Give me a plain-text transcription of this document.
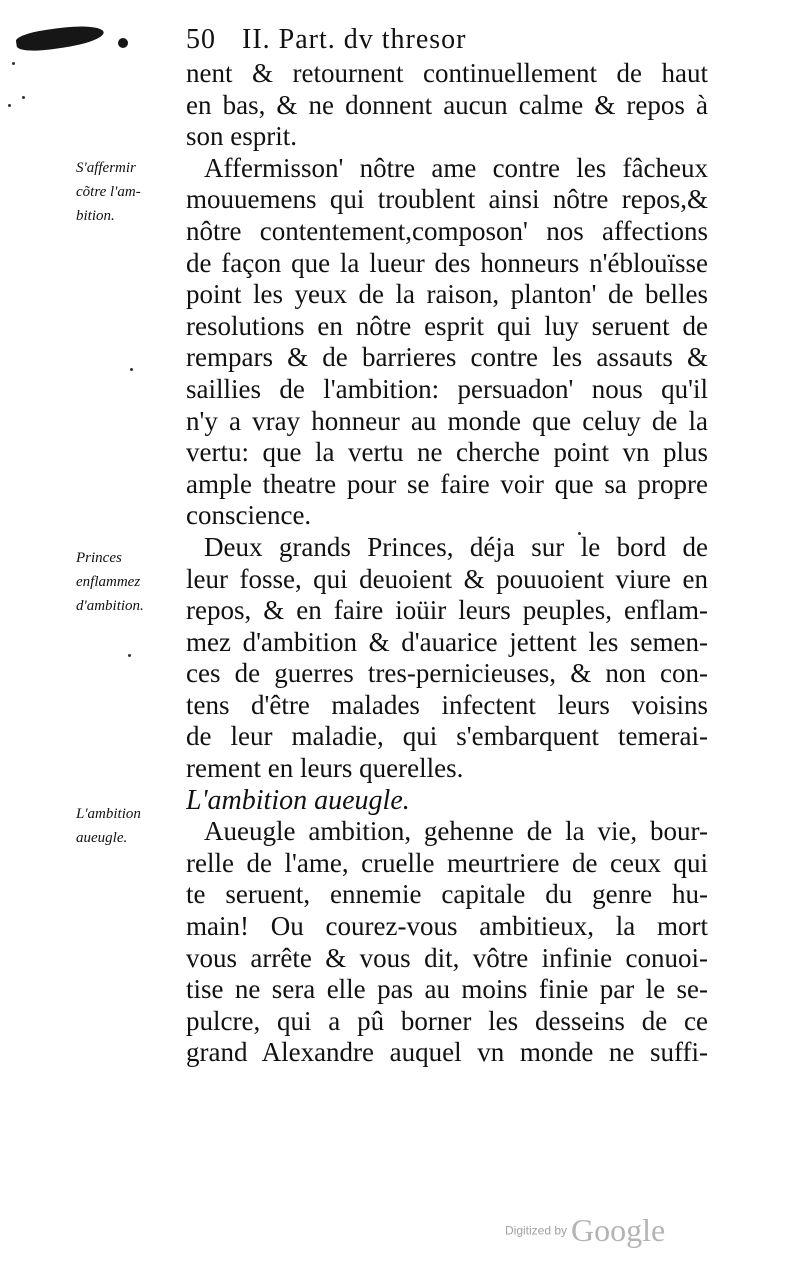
50 II. Part. dv thresor
S'affermir
cõtre l'am-
bition.
Princes
enflammez
d'ambition.
L'ambition
aueugle.
nent & retournent continuellement de haut
en bas, & ne donnent aucun calme & repos à
son esprit.
Affermisson' nôtre ame contre les fâcheux
mouuemens qui troublent ainsi nôtre repos,&
nôtre contentement,composon' nos affections
de façon que la lueur des honneurs n'éblouïsse
point les yeux de la raison, planton' de belles
resolutions en nôtre esprit qui luy seruent de
rempars & de barrieres contre les assauts &
saillies de l'ambition: persuadon' nous qu'il
n'y a vray honneur au monde que celuy de la
vertu: que la vertu ne cherche point vn plus
ample theatre pour se faire voir que sa propre
conscience.
Deux grands Princes, déja sur le bord de
leur fosse, qui deuoient & pouuoient viure en
repos, & en faire ioüir leurs peuples, enflam-
mez d'ambition & d'auarice jettent les semen-
ces de guerres tres-pernicieuses, & non con-
tens d'être malades infectent leurs voisins
de leur maladie, qui s'embarquent temerai-
rement en leurs querelles.
L'ambition aueugle.
Aueugle ambition, gehenne de la vie, bour-
relle de l'ame, cruelle meurtriere de ceux qui
te seruent, ennemie capitale du genre hu-
main! Ou courez-vous ambitieux, la mort
vous arrête & vous dit, vôtre infinie conuoi-
tise ne sera elle pas au moins finie par le se-
pulcre, qui a pû borner les desseins de ce
grand Alexandre auquel vn monde ne suffi-
Digitized by Google
